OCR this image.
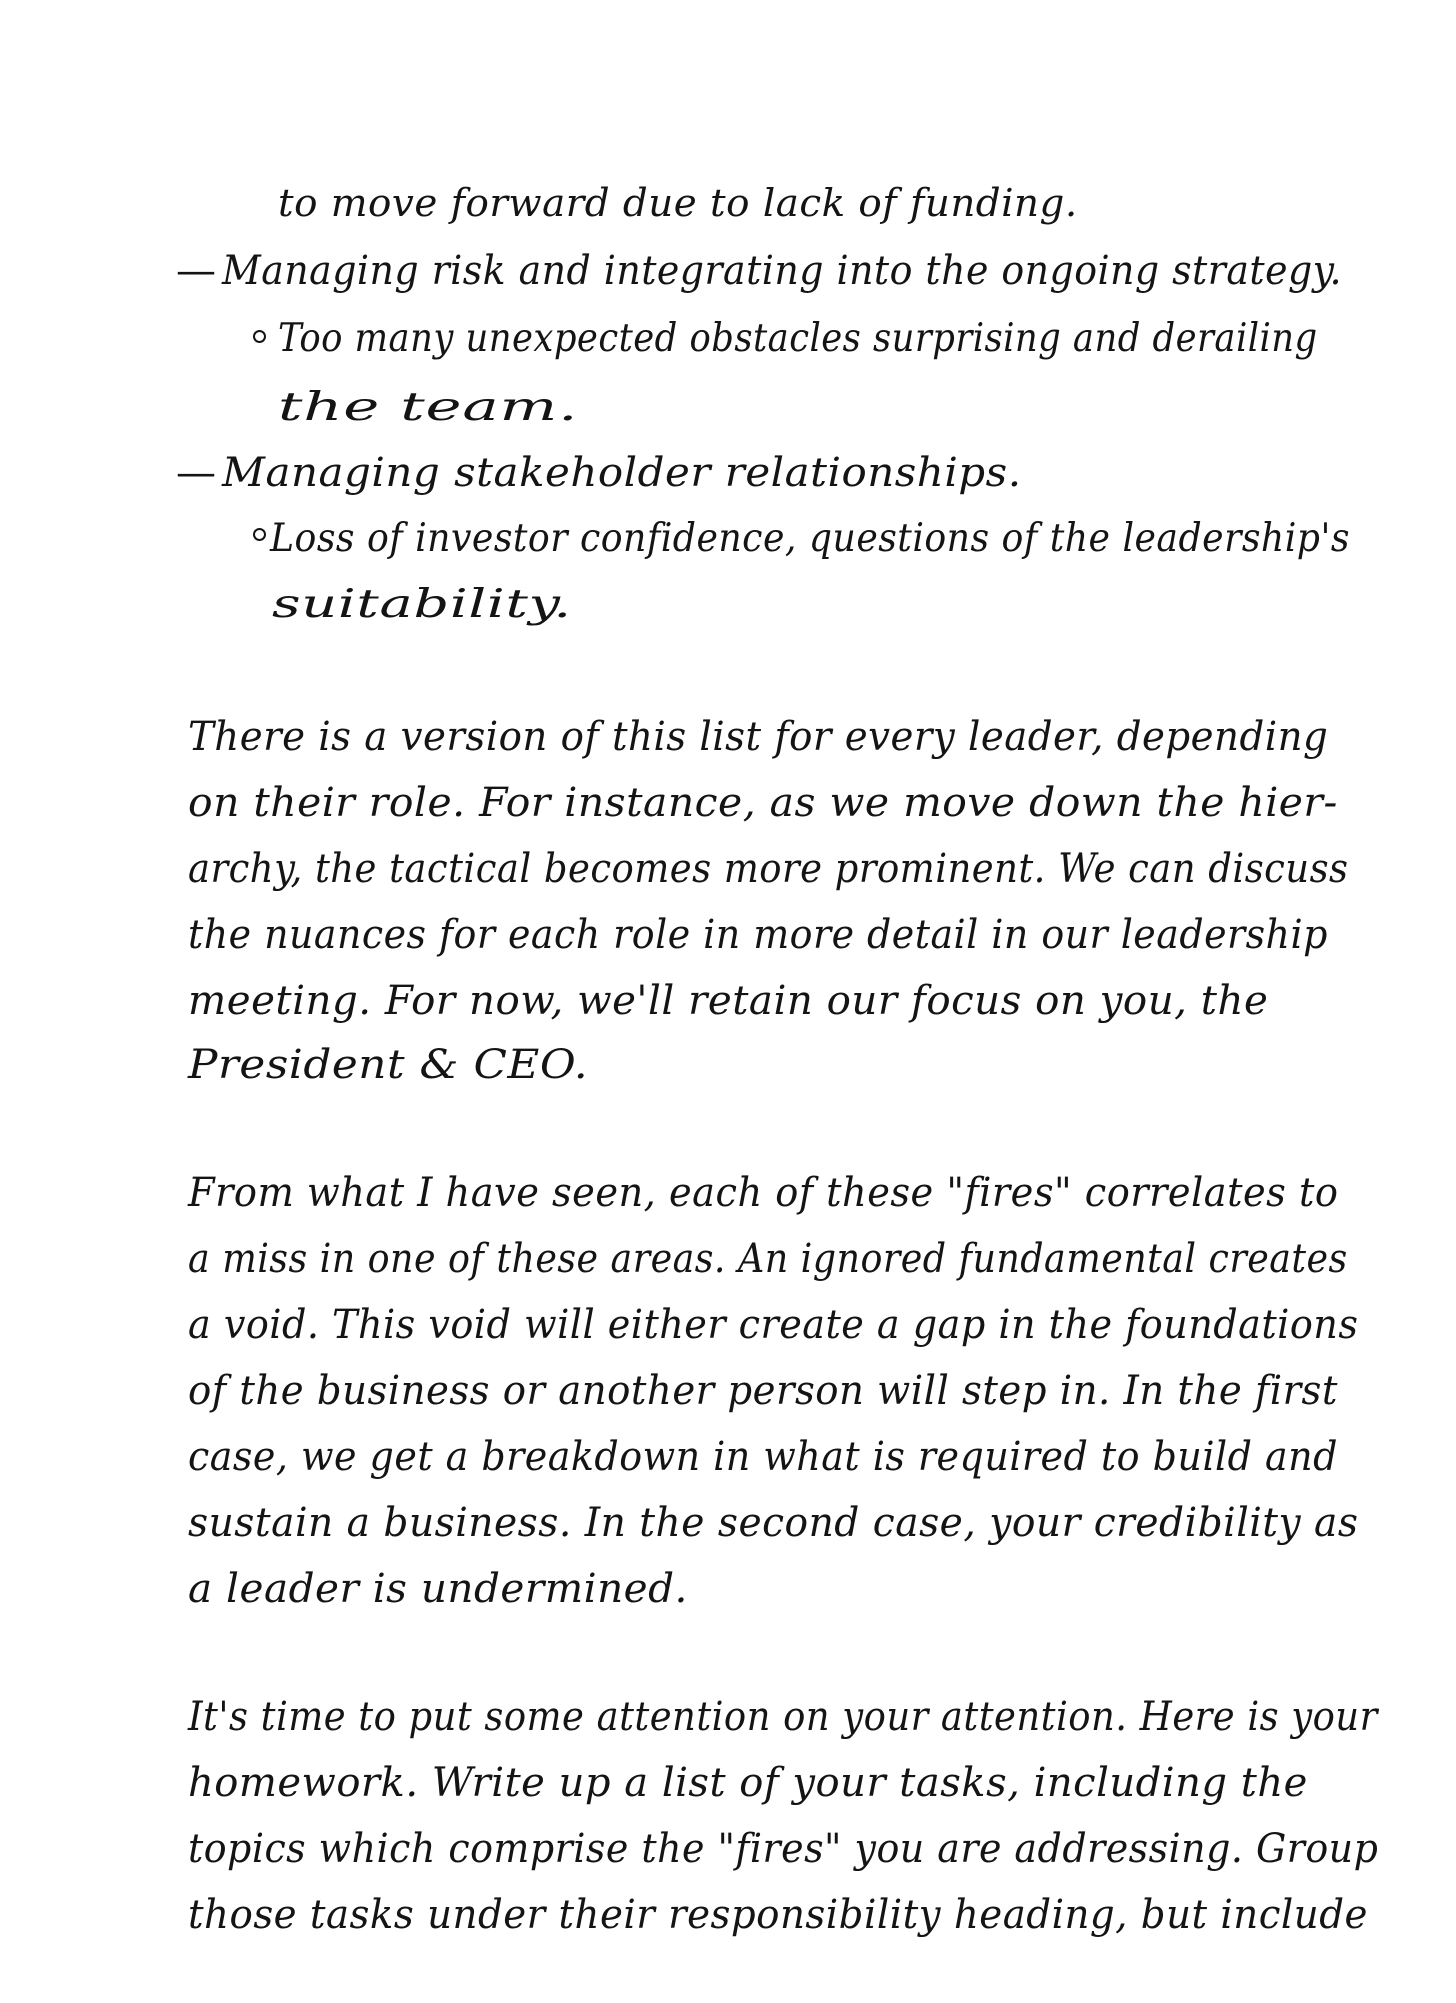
to move forward due to lack of funding.
— Managing risk and integrating into the ongoing strategy.
Too many unexpected obstacles surprising and derailing
the team.
— Managing stakeholder relationships.
Loss of investor confidence, questions of the leadership's
suitability.
There is a version of this list for every leader, depending
on their role. For instance, as we move down the hier-
archy, the tactical becomes more prominent. We can discuss
the nuances for each role in more detail in our leadership
meeting. For now, we'll retain our focus on you, the
President & CEO.
From what I have seen, each of these "fires" correlates to
a miss in one of these areas. An ignored fundamental creates
a void. This void will either create a gap in the foundations
of the business or another person will step in. In the first
case, we get a breakdown in what is required to build and
sustain a business. In the second case, your credibility as
a leader is undermined.
It's time to put some attention on your attention. Here is your
homework. Write up a list of your tasks, including the
topics which comprise the "fires" you are addressing. Group
those tasks under their responsibility heading, but include
